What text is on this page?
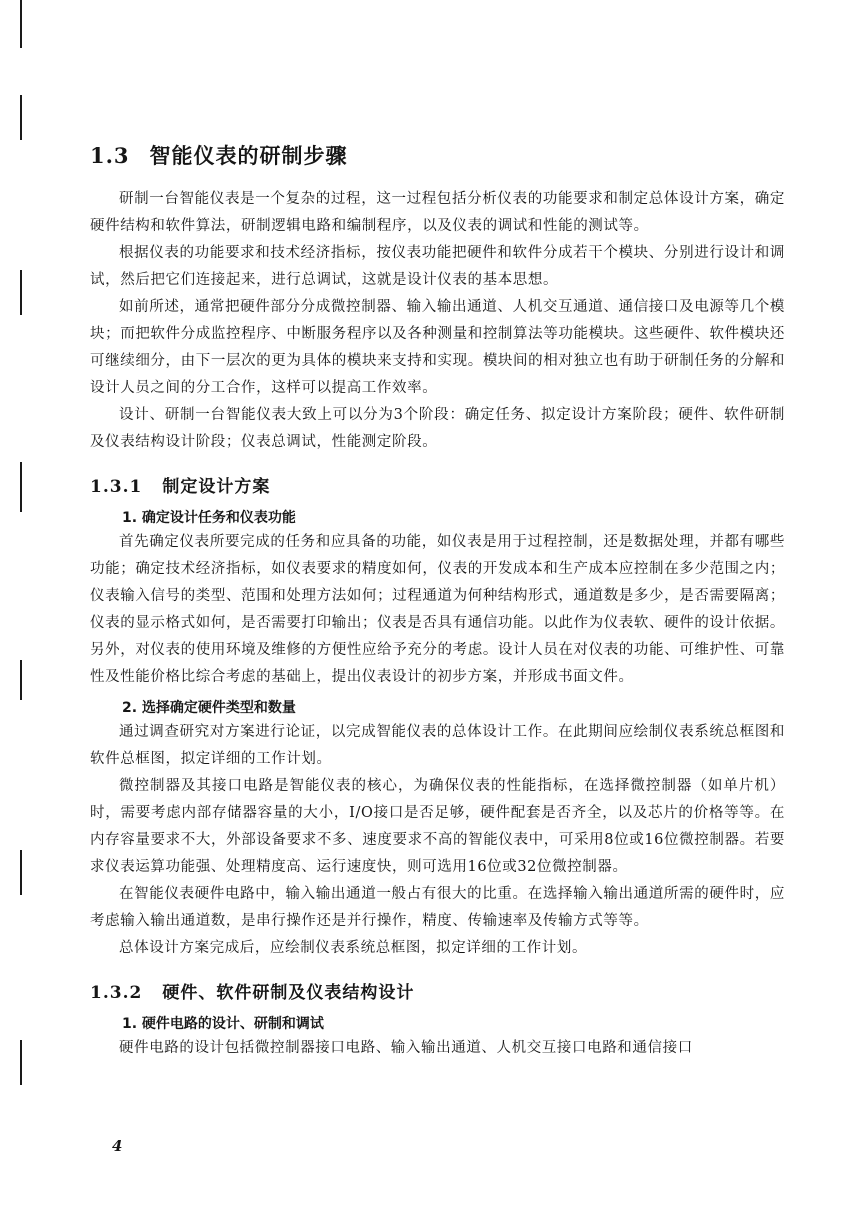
1.3 智能仪表的研制步骤

研制一台智能仪表是一个复杂的过程，这一过程包括分析仪表的功能要求和制定总体设计方案，确定硬件结构和软件算法，研制逻辑电路和编制程序，以及仪表的调试和性能的测试等。

根据仪表的功能要求和技术经济指标，按仪表功能把硬件和软件分成若干个模块、分别进行设计和调试，然后把它们连接起来，进行总调试，这就是设计仪表的基本思想。

如前所述，通常把硬件部分分成微控制器、输入输出通道、人机交互通道、通信接口及电源等几个模块；而把软件分成监控程序、中断服务程序以及各种测量和控制算法等功能模块。这些硬件、软件模块还可继续细分，由下一层次的更为具体的模块来支持和实现。模块间的相对独立也有助于研制任务的分解和设计人员之间的分工合作，这样可以提高工作效率。

设计、研制一台智能仪表大致上可以分为3个阶段：确定任务、拟定设计方案阶段；硬件、软件研制及仪表结构设计阶段；仪表总调试，性能测定阶段。

1.3.1 制定设计方案
1. 确定设计任务和仪表功能

首先确定仪表所要完成的任务和应具备的功能，如仪表是用于过程控制，还是数据处理，并都有哪些功能；确定技术经济指标，如仪表要求的精度如何，仪表的开发成本和生产成本应控制在多少范围之内；仪表输入信号的类型、范围和处理方法如何；过程通道为何种结构形式，通道数是多少，是否需要隔离；仪表的显示格式如何，是否需要打印输出；仪表是否具有通信功能。以此作为仪表软、硬件的设计依据。另外，对仪表的使用环境及维修的方便性应给予充分的考虑。设计人员在对仪表的功能、可维护性、可靠性及性能价格比综合考虑的基础上，提出仪表设计的初步方案，并形成书面文件。

2. 选择确定硬件类型和数量

通过调查研究对方案进行论证，以完成智能仪表的总体设计工作。在此期间应绘制仪表系统总框图和软件总框图，拟定详细的工作计划。

微控制器及其接口电路是智能仪表的核心，为确保仪表的性能指标，在选择微控制器（如单片机）时，需要考虑内部存储器容量的大小，I/O接口是否足够，硬件配套是否齐全，以及芯片的价格等等。在内存容量要求不大，外部设备要求不多、速度要求不高的智能仪表中，可采用8位或16位微控制器。若要求仪表运算功能强、处理精度高、运行速度快，则可选用16位或32位微控制器。

在智能仪表硬件电路中，输入输出通道一般占有很大的比重。在选择输入输出通道所需的硬件时，应考虑输入输出通道数，是串行操作还是并行操作，精度、传输速率及传输方式等等。

总体设计方案完成后，应绘制仪表系统总框图，拟定详细的工作计划。

1.3.2 硬件、软件研制及仪表结构设计
1. 硬件电路的设计、研制和调试

硬件电路的设计包括微控制器接口电路、输入输出通道、人机交互接口电路和通信接口

4
